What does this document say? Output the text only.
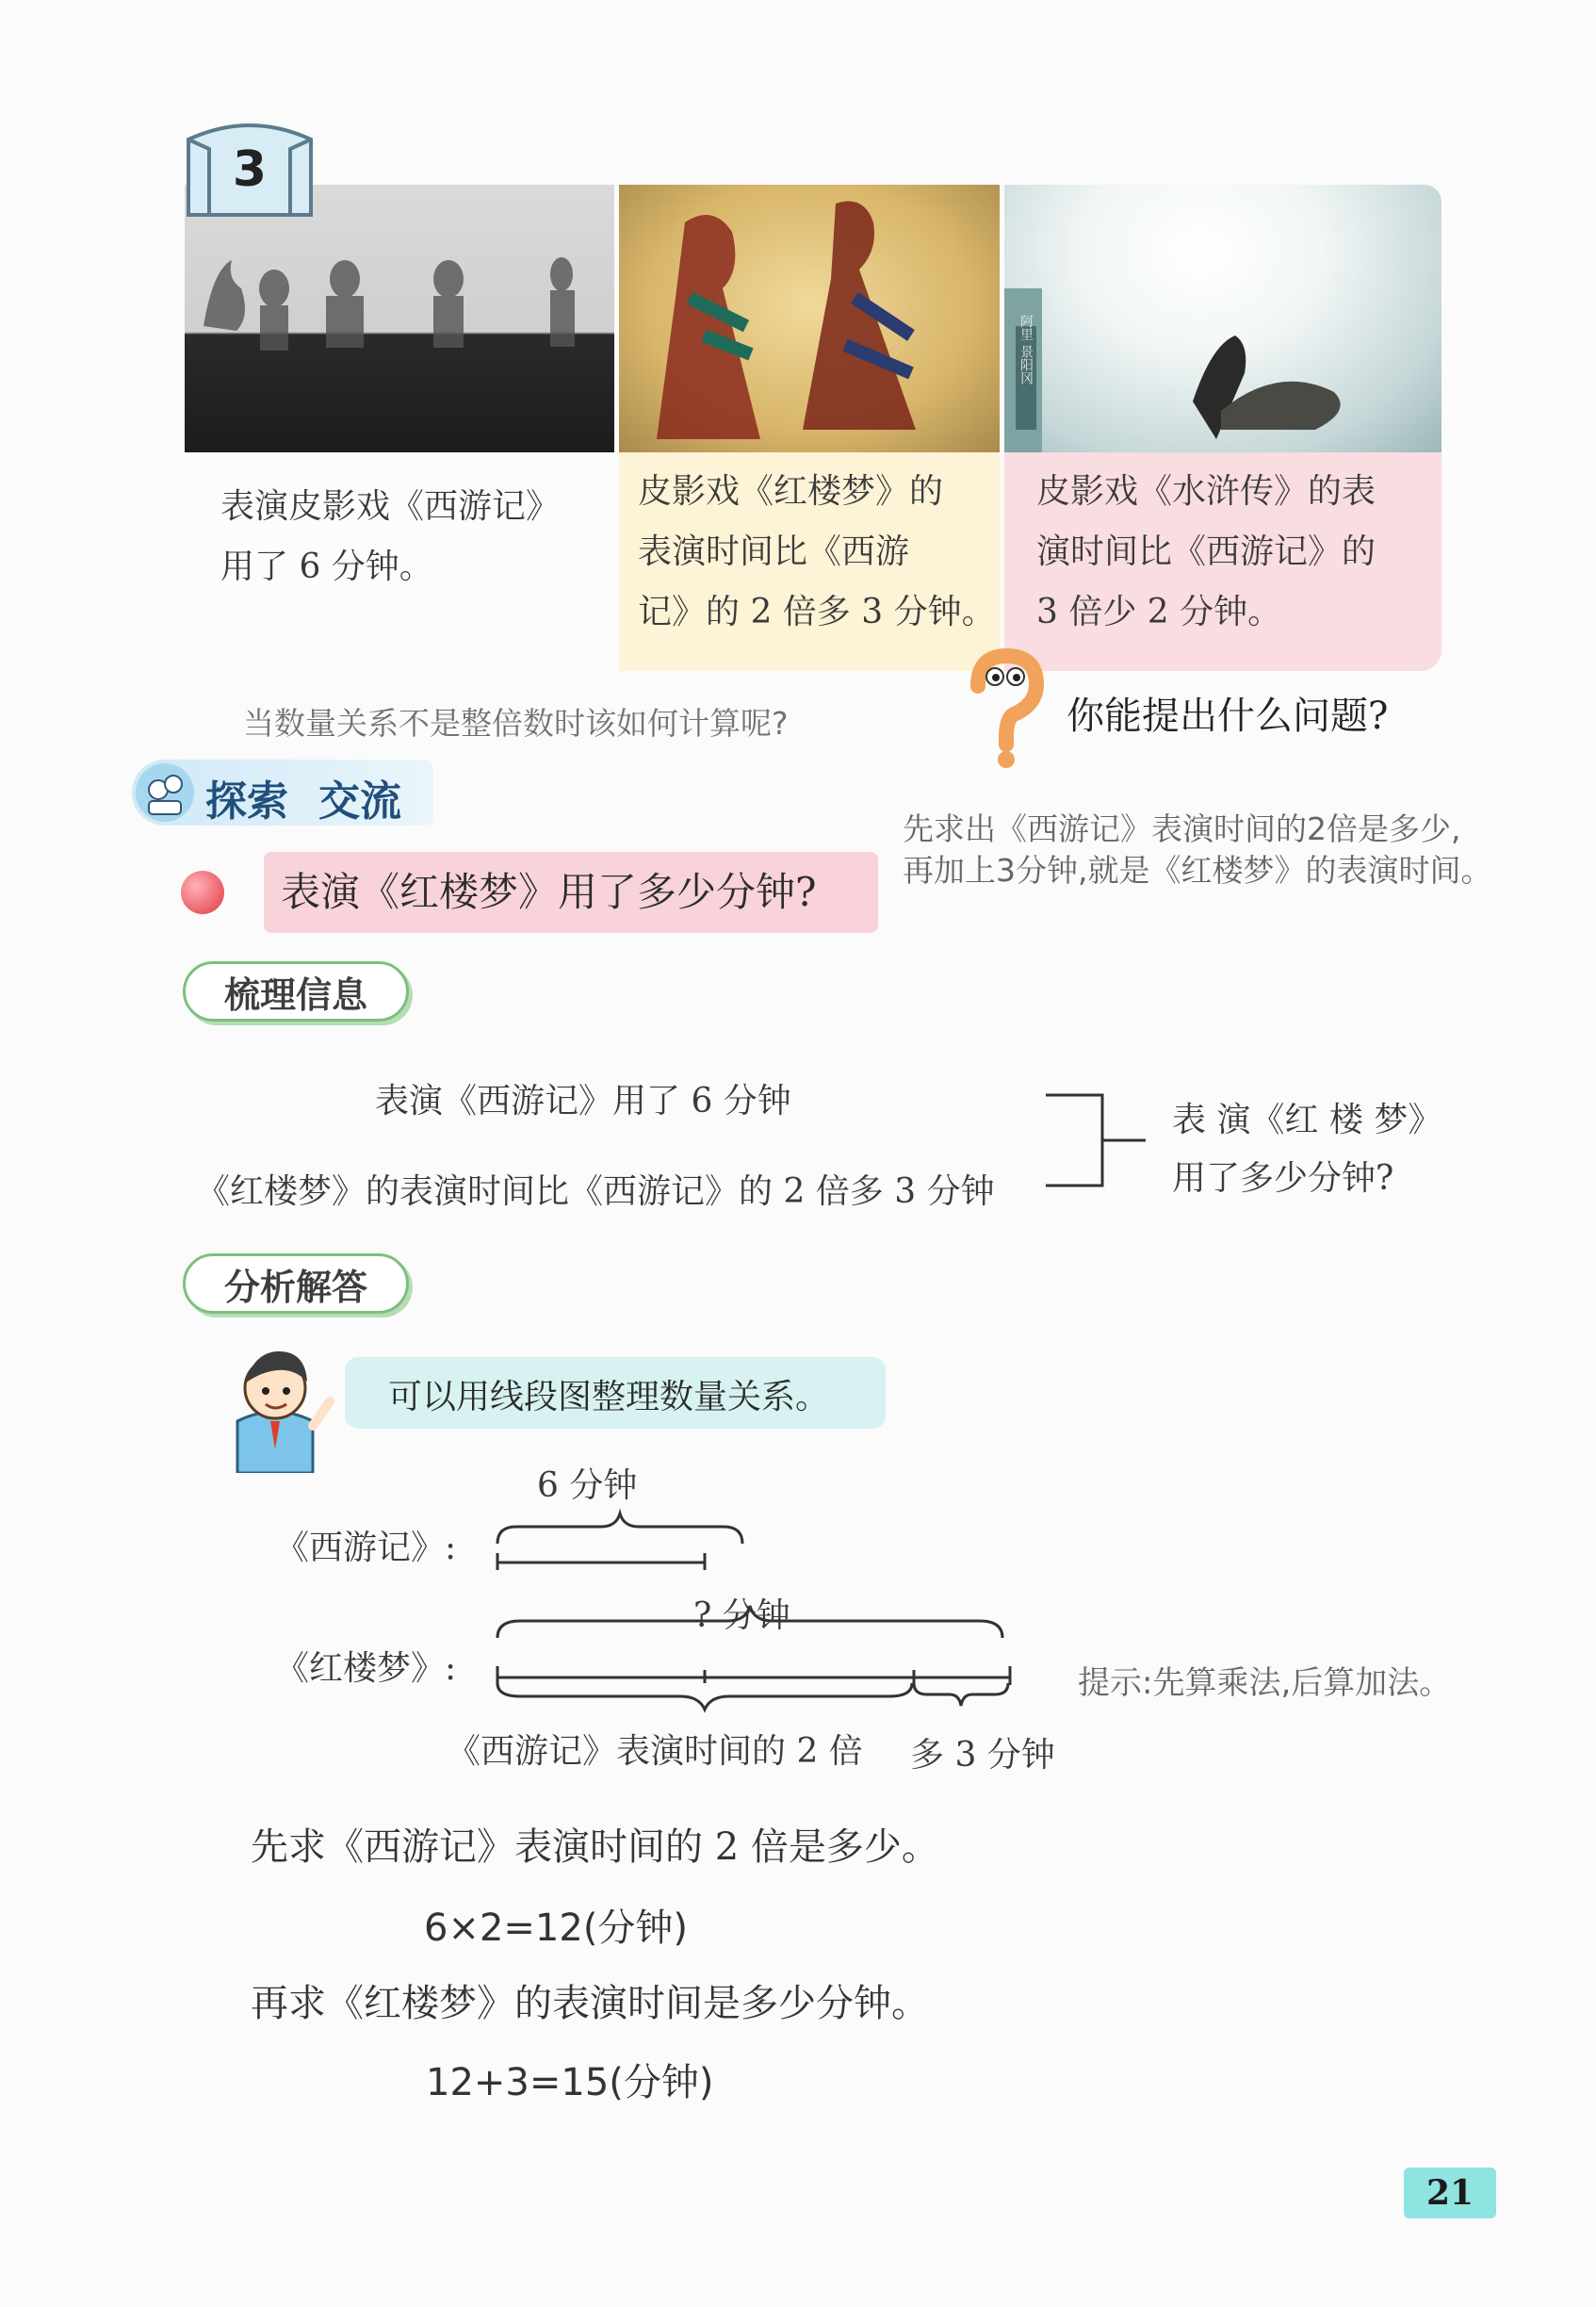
阿里 景阳冈
3
表演皮影戏《西游记》
用了 6 分钟。
皮影戏《红楼梦》的
表演时间比《西游
记》的 2 倍多 3 分钟。
皮影戏《水浒传》的表
演时间比《西游记》的
3 倍少 2 分钟。
你能提出什么问题?
当数量关系不是整倍数时该如何计算呢?
探索 交流
先求出《西游记》表演时间的2倍是多少,
再加上3分钟,就是《红楼梦》的表演时间。
表演《红楼梦》用了多少分钟?
梳理信息
表演《西游记》用了 6 分钟
《红楼梦》的表演时间比《西游记》的 2 倍多 3 分钟
表 演《红 楼 梦》
用了多少分钟?
分析解答
可以用线段图整理数量关系。
6 分钟
《西游记》:
? 分钟
《红楼梦》:
《西游记》表演时间的 2 倍 多 3 分钟
提示:先算乘法,后算加法。
先求《西游记》表演时间的 2 倍是多少。
6×2=12(分钟)
再求《红楼梦》的表演时间是多少分钟。
12+3=15(分钟)
21
